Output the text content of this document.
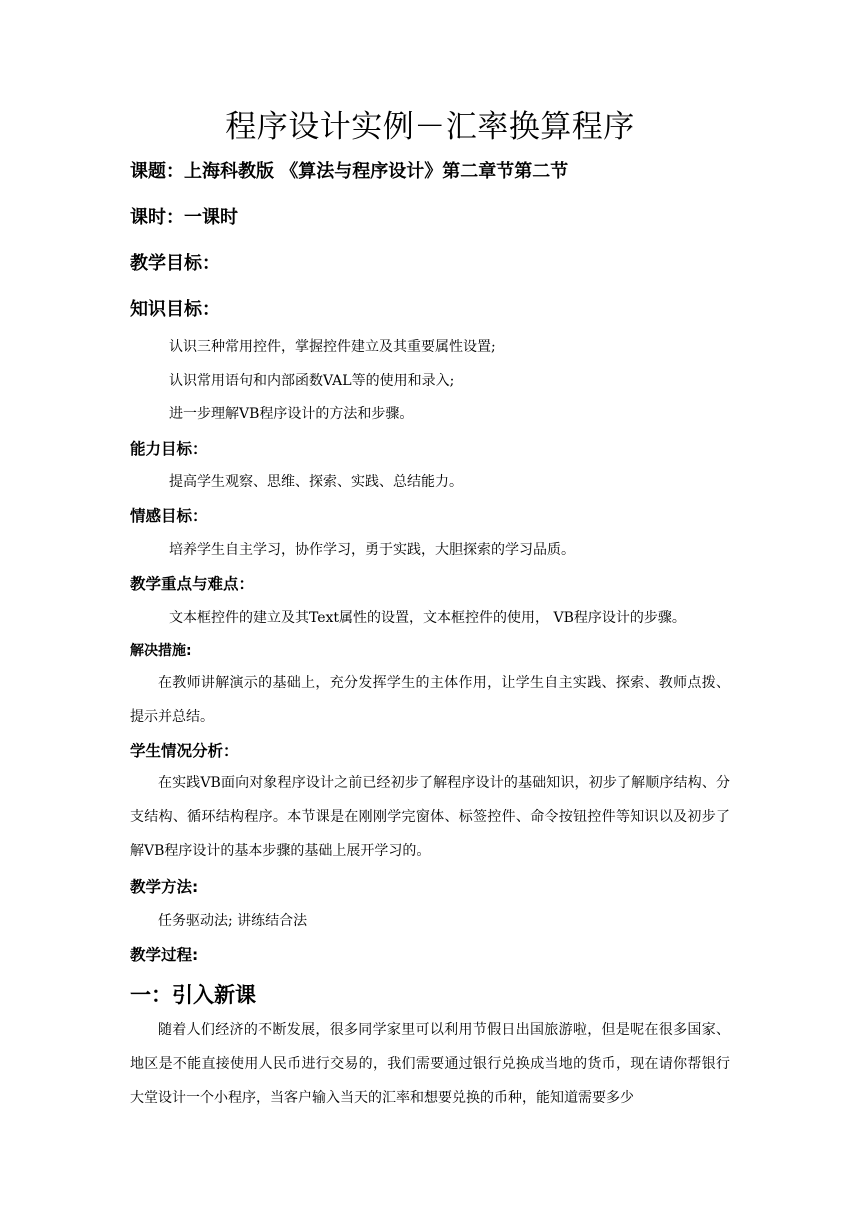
程序设计实例－汇率换算程序
课题：上海科教版 《算法与程序设计》第二章节第二节
课时：一课时
教学目标：
知识目标：
认识三种常用控件，掌握控件建立及其重要属性设置;
认识常用语句和内部函数VAL等的使用和录入;
进一步理解VB程序设计的方法和步骤。
能力目标：
提高学生观察、思维、探索、实践、总结能力。
情感目标：
培养学生自主学习，协作学习，勇于实践，大胆探索的学习品质。
教学重点与难点：
文本框控件的建立及其Text属性的设置，文本框控件的使用， VB程序设计的步骤。
解决措施:
在教师讲解演示的基础上，充分发挥学生的主体作用，让学生自主实践、探索、教师点拨、提示并总结。
学生情况分析：
在实践VB面向对象程序设计之前已经初步了解程序设计的基础知识，初步了解顺序结构、分支结构、循环结构程序。本节课是在刚刚学完窗体、标签控件、命令按钮控件等知识以及初步了解VB程序设计的基本步骤的基础上展开学习的。
教学方法:
任务驱动法; 讲练结合法
教学过程:
一：引入新课
随着人们经济的不断发展，很多同学家里可以利用节假日出国旅游啦，但是呢在很多国家、地区是不能直接使用人民币进行交易的，我们需要通过银行兑换成当地的货币，现在请你帮银行大堂设计一个小程序，当客户输入当天的汇率和想要兑换的币种，能知道需要多少
